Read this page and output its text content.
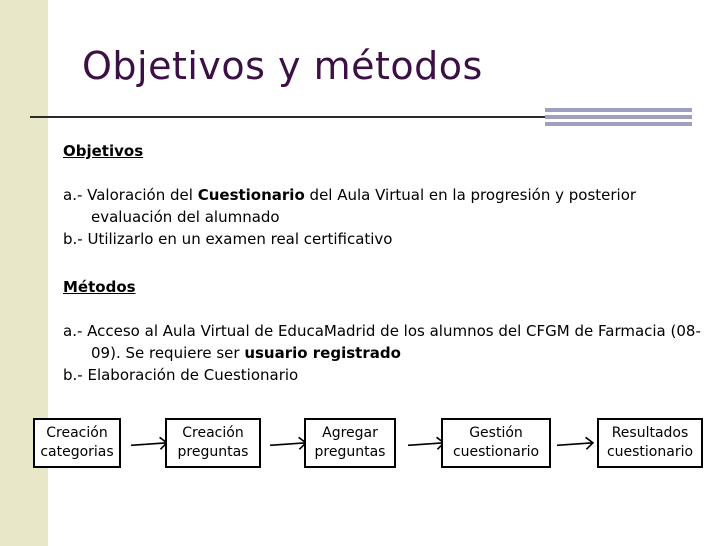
Objetivos y métodos

Objetivos

a.- Valoración del Cuestionario del Aula Virtual en la progresión y posterior evaluación del alumnado

b.- Utilizarlo en un examen real certificativo

Métodos

a.- Acceso al Aula Virtual de EducaMadrid de los alumnos del CFGM de Farmacia (08-09). Se requiere ser usuario registrado

b.- Elaboración de Cuestionario

Creación
categorias
Creación
preguntas
Agregar
preguntas
Gestión
cuestionario
Resultados
cuestionario
